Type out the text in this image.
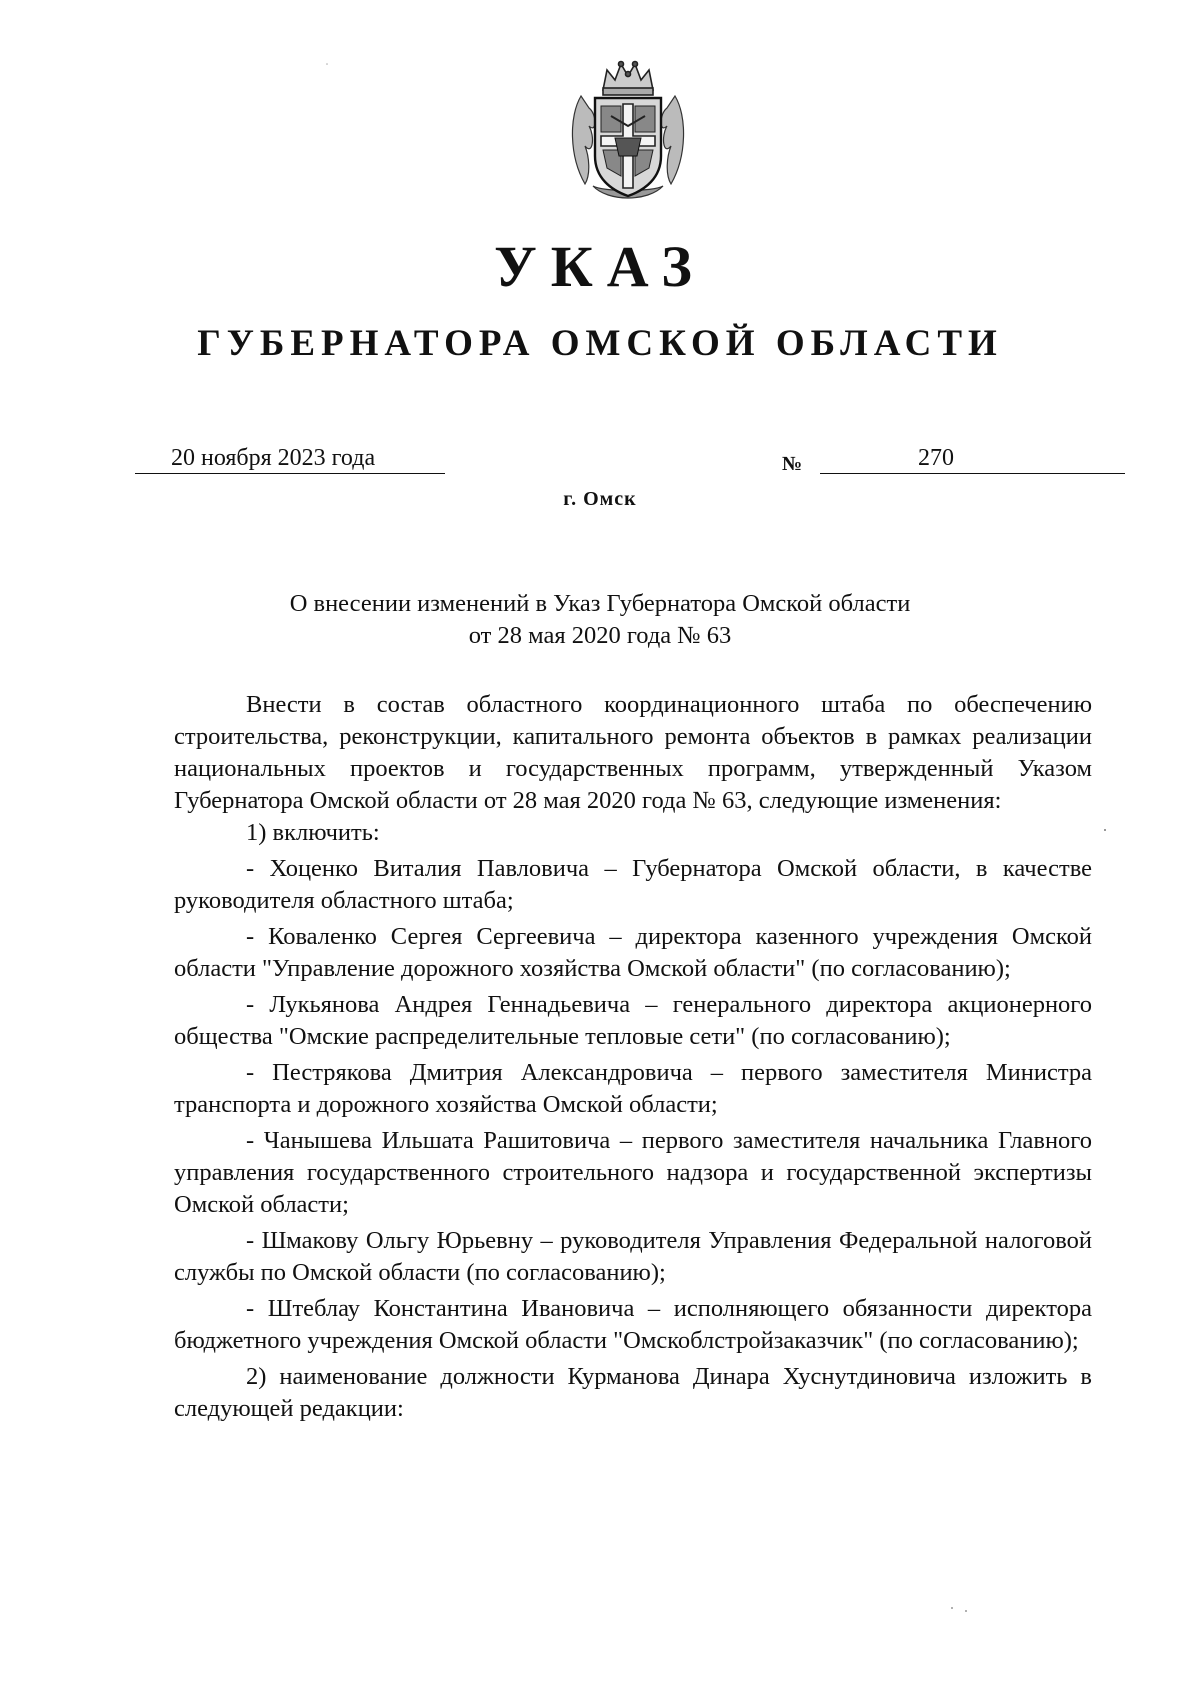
УКАЗ
ГУБЕРНАТОРА ОМСКОЙ ОБЛАСТИ
20 ноября 2023 года	№	270
г. Омск
О внесении изменений в Указ Губернатора Омской области
от 28 мая 2020 года № 63

Внести в состав областного координационного штаба по обеспечению строительства, реконструкции, капитального ремонта объектов в рамках реализации национальных проектов и государственных программ, утвержденный Указом Губернатора Омской области от 28 мая 2020 года № 63, следующие изменения:

1) включить:

- Хоценко Виталия Павловича – Губернатора Омской области, в качестве руководителя областного штаба;

- Коваленко Сергея Сергеевича – директора казенного учреждения Омской области "Управление дорожного хозяйства Омской области" (по согласованию);

- Лукьянова Андрея Геннадьевича – генерального директора акционерного общества "Омские распределительные тепловые сети" (по согласованию);

- Пестрякова Дмитрия Александровича – первого заместителя Министра транспорта и дорожного хозяйства Омской области;

- Чанышева Ильшата Рашитовича – первого заместителя начальника Главного управления государственного строительного надзора и государственной экспертизы Омской области;

- Шмакову Ольгу Юрьевну – руководителя Управления Федеральной налоговой службы по Омской области (по согласованию);

- Штеблау Константина Ивановича – исполняющего обязанности директора бюджетного учреждения Омской области "Омскоблстройзаказчик" (по согласованию);

2) наименование должности Курманова Динара Хуснутдиновича изложить в следующей редакции:
